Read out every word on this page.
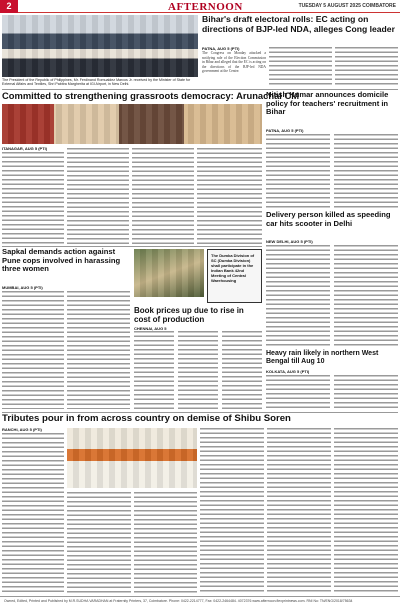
2	AFTERNOON	TUESDAY 5 AUGUST 2025 COIMBATORE
The President of the Republic of Philippines, Mr. Ferdinand Romualdez Marcos Jr. received by the Minister of State for External Affairs and Textiles, Shri Pabitra Margherita at IGI Airport, in New Delhi.
Bihar's draft electoral rolls: EC acting on directions of BJP-led NDA, alleges Cong leader
PATNA, AUG 5 (PTI)
The Congress on Monday attacked a notifying rule of the Election Commission in Bihar and alleged that the EC is acting on the directions of the BJP-led NDA government at the Centre.
Committed to strengthening grassroots democracy: Arunachal CM
ITANAGAR, AUG 5 (PTI)
Nitish Kumar announces domicile policy for teachers' recruitment in Bihar
PATNA, AUG 5 (PTI)
Delivery person killed as speeding car hits scooter in Delhi
NEW DELHI, AUG 5 (PTI)
Sapkal demands action against Pune cops involved in harassing three women
MUMBAI, AUG 5 (PTI)
The Dumka Division of SC (Dumka Division) shall participate in the Indian Bank 42nd Meeting of Central Warehousing
Book prices up due to rise in cost of production
CHENNAI, AUG 5
Heavy rain likely in northern West Bengal till Aug 10
KOLKATA, AUG 5 (PTI)
Tributes pour in from across country on demise of Shibu Soren
RANCHI, AUG 5 (PTI)
Owned, Edited, Printed and Published by M.R.SUDHA VARADHAN at Fraternity Printers, 37, Coimbatore. Phone: 0422-2214777, Fax: 0422-2464484. 4072376 www.afternoon.flexprintnews.com. RNI No: TN/ENG/2018/75634
